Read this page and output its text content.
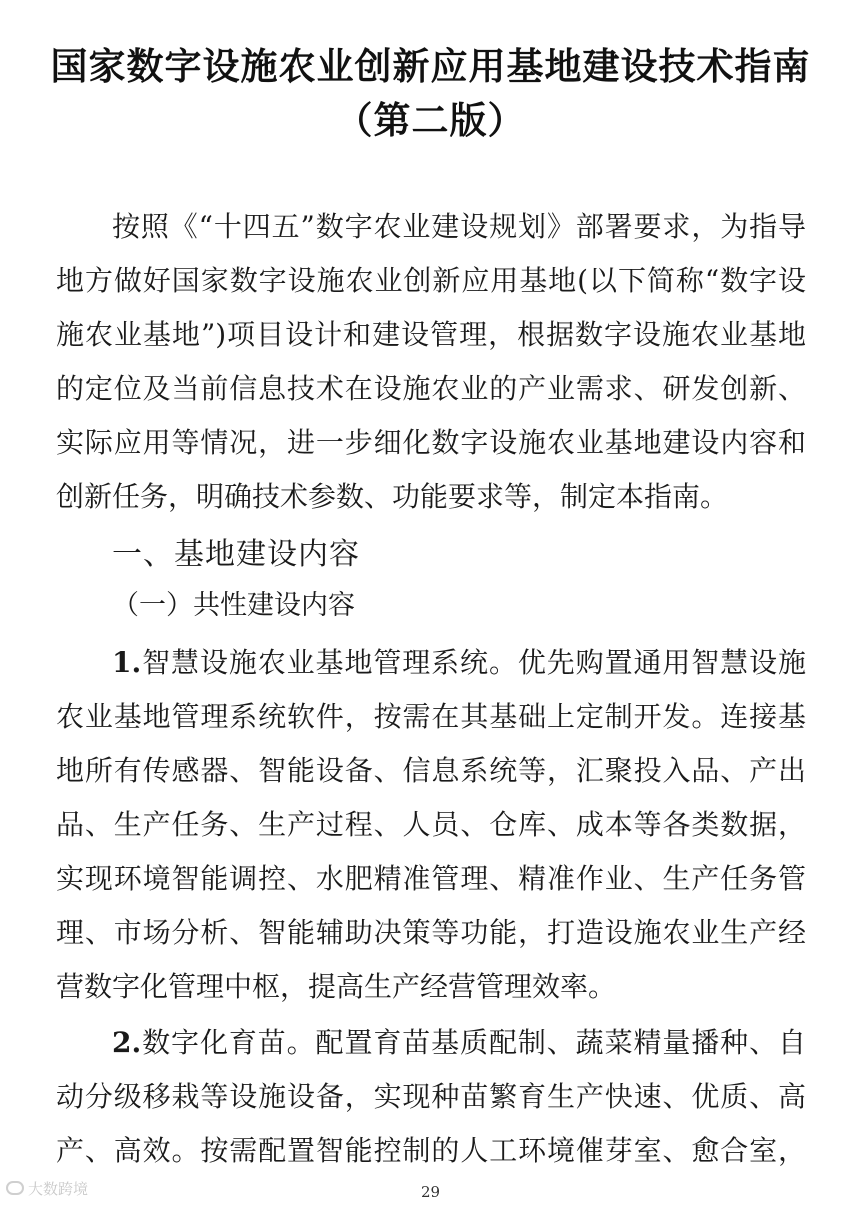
国家数字设施农业创新应用基地建设技术指南
（第二版）
按照《“十四五”数字农业建设规划》部署要求，为指导
地方做好国家数字设施农业创新应用基地(以下简称“数字设
施农业基地”)项目设计和建设管理，根据数字设施农业基地
的定位及当前信息技术在设施农业的产业需求、研发创新、
实际应用等情况，进一步细化数字设施农业基地建设内容和
创新任务，明确技术参数、功能要求等，制定本指南。
一、基地建设内容
（一）共性建设内容
1.智慧设施农业基地管理系统。优先购置通用智慧设施
农业基地管理系统软件，按需在其基础上定制开发。连接基
地所有传感器、智能设备、信息系统等，汇聚投入品、产出
品、生产任务、生产过程、人员、仓库、成本等各类数据，
实现环境智能调控、水肥精准管理、精准作业、生产任务管
理、市场分析、智能辅助决策等功能，打造设施农业生产经
营数字化管理中枢，提高生产经营管理效率。
2.数字化育苗。配置育苗基质配制、蔬菜精量播种、自
动分级移栽等设施设备，实现种苗繁育生产快速、优质、高
产、高效。按需配置智能控制的人工环境催芽室、愈合室，
29
大数跨境
